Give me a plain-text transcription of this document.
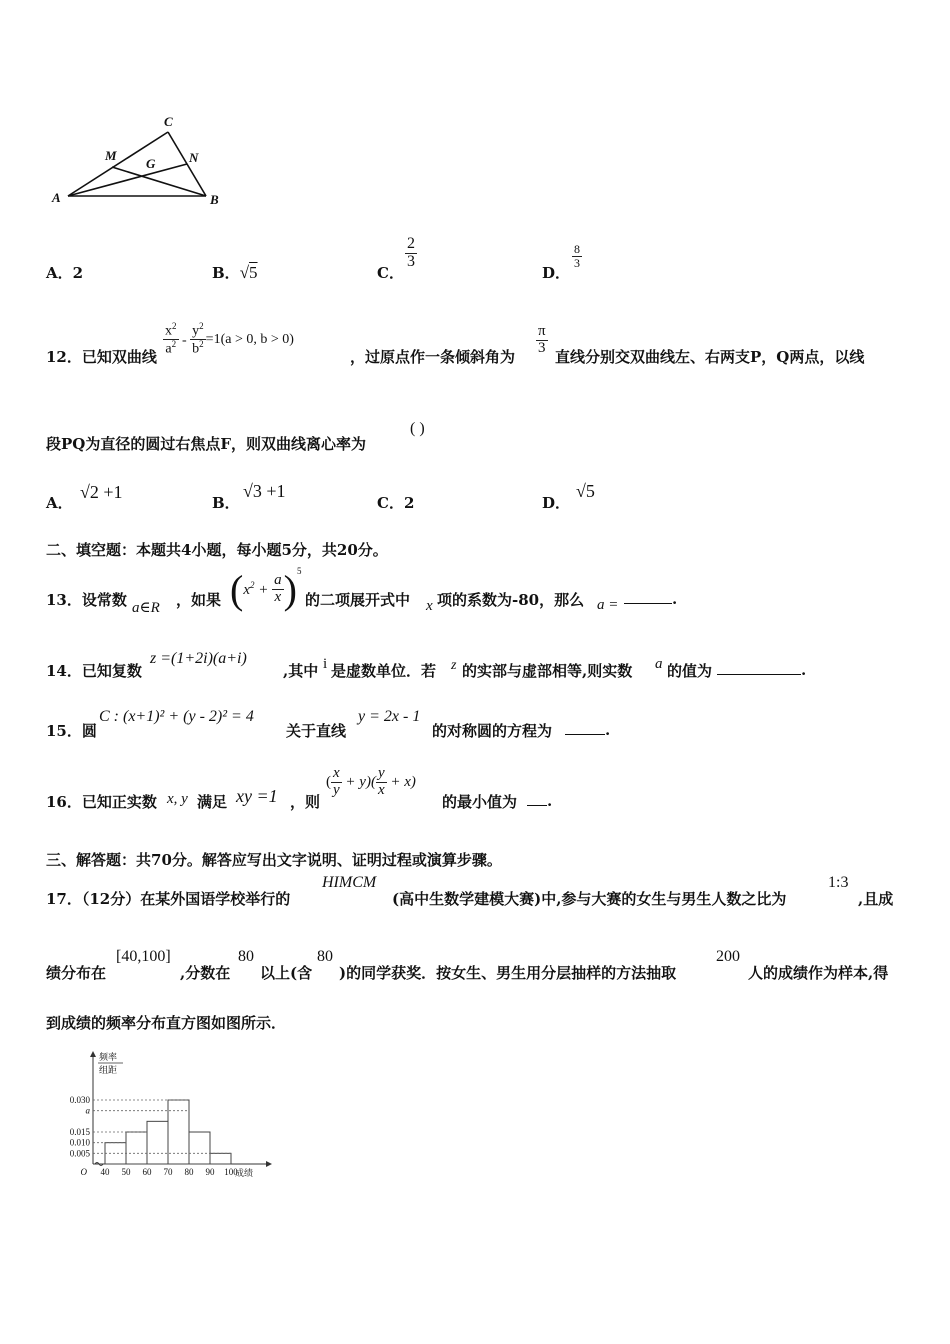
C
M
G	N
A	B
A．2	B．√5	C．
$\frac{2}{3}$
D．
$\frac{8}{3}$
12．已知双曲线 $\frac{x^2}{a^2} - \frac{y^2}{b^2} =1(a > 0$, b > 0)
，过原点作一条倾斜角为
$\frac{\pi}{3}$
直线分别交双曲线左、右两支P，Q两点，以线
段PQ为直径的圆过右焦点F，则双曲线离心率为
( )
A．
√2 +1
B．
√3 +1
C．2	D．
√5
二、填空题：本题共4小题，每小题5分，共20分。
13．设常数 a∈R ，如果 $(x^2 + \frac{a}{x} )^5$
的二项展开式中 x 项的系数为-80，那么 a =	.
14．已知复数
z =(1+2i)(a+i)
,其中 i 是虚数单位．若 z 的实部与虚部相等,则实数 a 的值为	.
15．圆
C : (x+1)² + (y - 2)² = 4
关于直线
y = 2x - 1
的对称圆的方程为	.
16．已知正实数 x, y 满足 xy =1 ，则
( $\frac{x}{y} + y)( \frac{y}{x} + x)$
的最小值为	.
三、解答题：共70分。解答应写出文字说明、证明过程或演算步骤。
17．（12分）在某外国语学校举行的
HIMCM
(高中生数学建模大赛)中,参与大赛的女生与男生人数之比为
1:3
,且成
绩分布在
[40,100]
,分数在
80
以上(含
80
)的同学获奖．按女生、男生用分层抽样的方法抽取
200
人的成绩作为样本,得
到成绩的频率分布直方图如图所示．
0.030
a
0.015
0.010
0.005
40 50 60 70 80 90 100
成绩
O
频率
组距
